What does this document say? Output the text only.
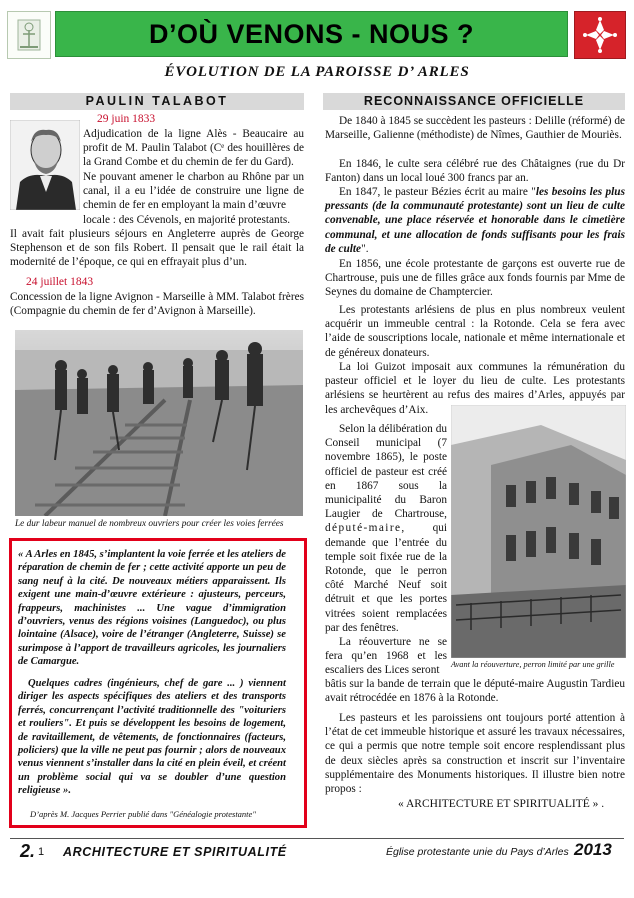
D’OÙ VENONS - NOUS ?
ÉVOLUTION DE LA PAROISSE D’ ARLES
PAULIN TALABOT
29 juin 1833
Adjudication de la ligne Alès - Beaucaire au profit de M. Paulin Talabot (Cᵉ des houillères de la Grand Combe et du chemin de fer du Gard).
Ne pouvant amener le charbon au Rhône par un canal, il a eu l’idée de construire une ligne de chemin de fer en employant la main d’œuvre
locale : des Cévenols, en majorité protestants.
Il avait fait plusieurs séjours en Angleterre auprès de George Stephenson et de son fils Robert. Il pensait que le rail était la modernité de l’époque, ce qui en effrayait plus d’un.
24 juillet 1843
Concession de la ligne Avignon - Marseille à MM. Talabot frères (Compagnie du chemin de fer d’Avignon à Marseille).
Le dur labeur manuel de nombreux ouvriers pour créer les voies ferrées
« A Arles en 1845, s’implantent la voie ferrée et les ateliers de réparation de chemin de fer ; cette activité apporte un peu de sang neuf à la cité. De nouveaux métiers apparaissent. Ils exigent une main-d’œuvre extérieure : ajusteurs, perceurs, frappeurs, machinistes ... Une vague d’immigration d’ouvriers, venus des régions voisines (Languedoc), ou plus lointaine (Alsace), voire de l’étranger (Angleterre, Suisse) se surimpose à l’apport de travailleurs agricoles, les journaliers de Camargue.
Quelques cadres (ingénieurs, chef de gare ... ) viennent diriger les aspects spécifiques des ateliers et des transports ferrés, concurrençant l’activité traditionnelle des "voituriers et rouliers". Et puis se développent les besoins de logement, de ravitaillement, de vêtements, de fonctionnaires (facteurs, policiers) que la ville ne peut pas fournir ; alors de nouveaux venus viennent s’installer dans la cité en plein éveil, et créent un problème social qui va se doubler d’une question religieuse ».
D’après M. Jacques Perrier publié dans "Généalogie protestante"
RECONNAISSANCE OFFICIELLE
De 1840 à 1845 se succèdent les pasteurs : Delille (réformé) de Marseille, Galienne (méthodiste) de Nîmes, Gauthier de Mouriès.
En 1846, le culte sera célébré rue des Châtaignes (rue du Dr Fanton) dans un local loué 300 francs par an.
En 1847, le pasteur Bézies écrit au maire "les besoins les plus pressants (de la communauté protestante) sont un lieu de culte convenable, une place réservée et honorable dans le cimetière communal, et une allocation de fonds suffisants pour les frais de culte".
En 1856, une école protestante de garçons est ouverte rue de Chartrouse, puis une de filles grâce aux fonds fournis par Mme de Seynes du domaine de Champtercier.
Les protestants arlésiens de plus en plus nombreux veulent acquérir un immeuble central : la Rotonde. Cela se fera avec l’aide de souscriptions locale, nationale et même internationale et de généreux donateurs.
La loi Guizot imposait aux communes la rémunération du pasteur officiel et le loyer du lieu de culte. Les protestants arlésiens se heurtèrent au refus des maires d’Arles, appuyés par les archevêques d’Aix.
Selon la délibération du Conseil municipal (7 novembre 1865), le poste officiel de pasteur est créé en 1867 sous la municipalité du Baron Laugier de Chartrouse, député-maire, qui demande que l’entrée du temple soit fixée rue de la Rotonde, que le perron côté Marché Neuf soit détruit et que les portes vitrées soient remplacées par des fenêtres.
La réouverture ne se fera qu’en 1968 et les escaliers des Lices seront
bâtis sur la bande de terrain que le député-maire Augustin Tardieu avait rétrocédée en 1876 à la Rotonde.
Les pasteurs et les paroissiens ont toujours porté attention à l’état de cet immeuble historique et assuré les travaux nécessaires, ce qui a permis que notre temple soit encore resplendissant plus de deux siècles après sa construction et inscrit sur l’inventaire supplémentaire des Monuments historiques. Il illustre bien notre propos :
« ARCHITECTURE ET SPIRITUALITÉ » .
Avant la réouverture, perron limité par une grille
2. 1 ARCHITECTURE ET SPIRITUALITÉ	Église protestante unie du Pays d’Arles 2013
